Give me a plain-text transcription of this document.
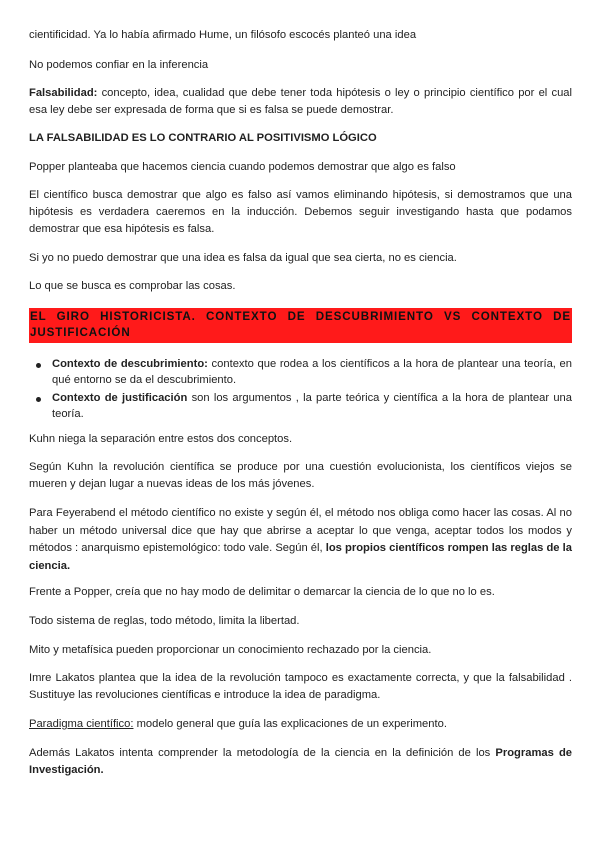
cientificidad. Ya lo había afirmado Hume, un filósofo escocés planteó una idea

No podemos confiar en la inferencia

Falsabilidad: concepto, idea, cualidad que debe tener toda hipótesis o ley o principio científico por el cual esa ley debe ser expresada de forma que si es falsa se puede demostrar.

LA FALSABILIDAD ES LO CONTRARIO AL POSITIVISMO LÓGICO

Popper planteaba que hacemos ciencia cuando podemos demostrar que algo es falso

El científico busca demostrar que algo es falso así vamos eliminando hipótesis, si demostramos que una hipótesis es verdadera caeremos en la inducción. Debemos seguir investigando hasta que podamos demostrar que esa hipótesis es falsa.

Si yo no puedo demostrar que una idea es falsa da igual que sea cierta, no es ciencia.

Lo que se busca es comprobar las cosas.

EL GIRO HISTORICISTA. CONTEXTO DE DESCUBRIMIENTO VS CONTEXTO DE JUSTIFICACIÓN
Contexto de descubrimiento: contexto que rodea a los científicos a la hora de plantear una teoría, en qué entorno se da el descubrimiento.
Contexto de justificación son los argumentos , la parte teórica y científica a la hora de plantear una teoría.

Kuhn niega la separación entre estos dos conceptos.

Según Kuhn la revolución científica se produce por una cuestión evolucionista, los científicos viejos se mueren y dejan lugar a nuevas ideas de los más jóvenes.

Para Feyerabend el método científico no existe y según él, el método nos obliga como hacer las cosas. Al no haber un método universal dice que hay que abrirse a aceptar lo que venga, aceptar todos los modos y métodos : anarquismo epistemológico: todo vale. Según él, los propios científicos rompen las reglas de la ciencia.

Frente a Popper, creía que no hay modo de delimitar o demarcar la ciencia de lo que no lo es.

Todo sistema de reglas, todo método, limita la libertad.

Mito y metafísica pueden proporcionar un conocimiento rechazado por la ciencia.

Imre Lakatos plantea que la idea de la revolución tampoco es exactamente correcta, y que la falsabilidad . Sustituye las revoluciones científicas e introduce la idea de paradigma.

Paradigma científico: modelo general que guía las explicaciones de un experimento.

Además Lakatos intenta comprender la metodología de la ciencia en la definición de los Programas de Investigación.
